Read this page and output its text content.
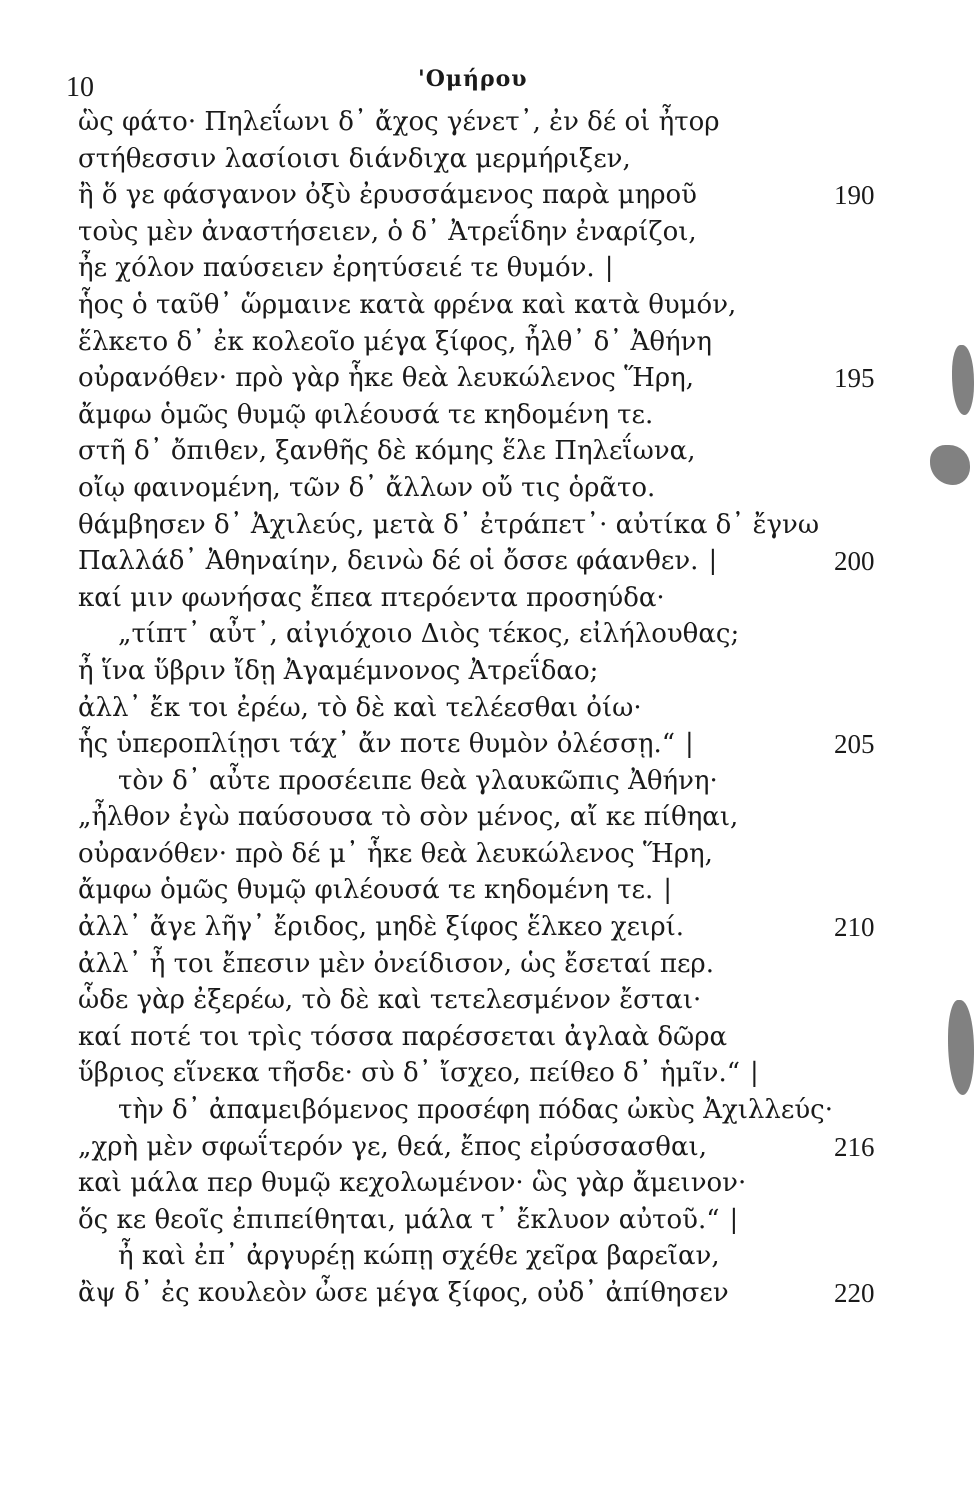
10	'Ομήρου
ὣς φάτο· Πηλεΐωνι δ᾽ ἄχος γένετ᾽, ἐν δέ οἱ ἦτορ
στήθεσσιν λασίοισι διάνδιχα μερμήριξεν,
ἢ ὅ γε φάσγανον ὀξὺ ἐρυσσάμενος παρὰ μηροῦ	190
τοὺς μὲν ἀναστήσειεν, ὁ δ᾽ Ἀτρεΐδην ἐναρίζοι,
ἦε χόλον παύσειεν ἐρητύσειέ τε θυμόν. |
ἧος ὁ ταῦθ᾽ ὥρμαινε κατὰ φρένα καὶ κατὰ θυμόν,
ἕλκετο δ᾽ ἐκ κολεοῖο μέγα ξίφος, ἦλθ᾽ δ᾽ Ἀθήνη
οὐρανόθεν· πρὸ γὰρ ἧκε θεὰ λευκώλενος Ἥρη,	195
ἄμφω ὁμῶς θυμῷ φιλέουσά τε κηδομένη τε.
στῆ δ᾽ ὄπιθεν, ξανθῆς δὲ κόμης ἕλε Πηλεΐωνα,
οἴῳ φαινομένη, τῶν δ᾽ ἄλλων οὔ τις ὁρᾶτο.
θάμβησεν δ᾽ Ἀχιλεύς, μετὰ δ᾽ ἐτράπετ᾽· αὐτίκα δ᾽ ἔγνω
Παλλάδ᾽ Ἀθηναίην, δεινὼ δέ οἱ ὄσσε φάανθεν. |	200
καί μιν φωνήσας ἔπεα πτερόεντα προσηύδα·
„τίπτ᾽ αὖτ᾽, αἰγιόχοιο Διὸς τέκος, εἰλήλουθας;
ἦ ἵνα ὕβριν ἴδῃ Ἀγαμέμνονος Ἀτρεΐδαο;
ἀλλ᾽ ἔκ τοι ἐρέω, τὸ δὲ καὶ τελέεσθαι ὀίω·
ἧς ὑπεροπλίῃσι τάχ᾽ ἄν ποτε θυμὸν ὀλέσσῃ.“ |	205
τὸν δ᾽ αὖτε προσέειπε θεὰ γλαυκῶπις Ἀθήνη·
„ἦλθον ἐγὼ παύσουσα τὸ σὸν μένος, αἴ κε πίθηαι,
οὐρανόθεν· πρὸ δέ μ᾽ ἧκε θεὰ λευκώλενος Ἥρη,
ἄμφω ὁμῶς θυμῷ φιλέουσά τε κηδομένη τε. |
ἀλλ᾽ ἄγε λῆγ᾽ ἔριδος, μηδὲ ξίφος ἕλκεο χειρί.	210
ἀλλ᾽ ἦ τοι ἔπεσιν μὲν ὀνείδισον, ὡς ἔσεταί περ.
ὧδε γὰρ ἐξερέω, τὸ δὲ καὶ τετελεσμένον ἔσται·
καί ποτέ τοι τρὶς τόσσα παρέσσεται ἀγλαὰ δῶρα
ὕβριος εἵνεκα τῆσδε· σὺ δ᾽ ἴσχεο, πείθεο δ᾽ ἡμῖν.“ |
τὴν δ᾽ ἀπαμειβόμενος προσέφη πόδας ὠκὺς Ἀχιλλεύς·
„χρὴ μὲν σφωΐτερόν γε, θεά, ἔπος εἰρύσσασθαι,	216
καὶ μάλα περ θυμῷ κεχολωμένον· ὣς γὰρ ἄμεινον·
ὅς κε θεοῖς ἐπιπείθηται, μάλα τ᾽ ἔκλυον αὐτοῦ.“ |
ἦ καὶ ἐπ᾽ ἀργυρέῃ κώπῃ σχέθε χεῖρα βαρεῖαν,
ἂψ δ᾽ ἐς κουλεὸν ὦσε μέγα ξίφος, οὐδ᾽ ἀπίθησεν	220
